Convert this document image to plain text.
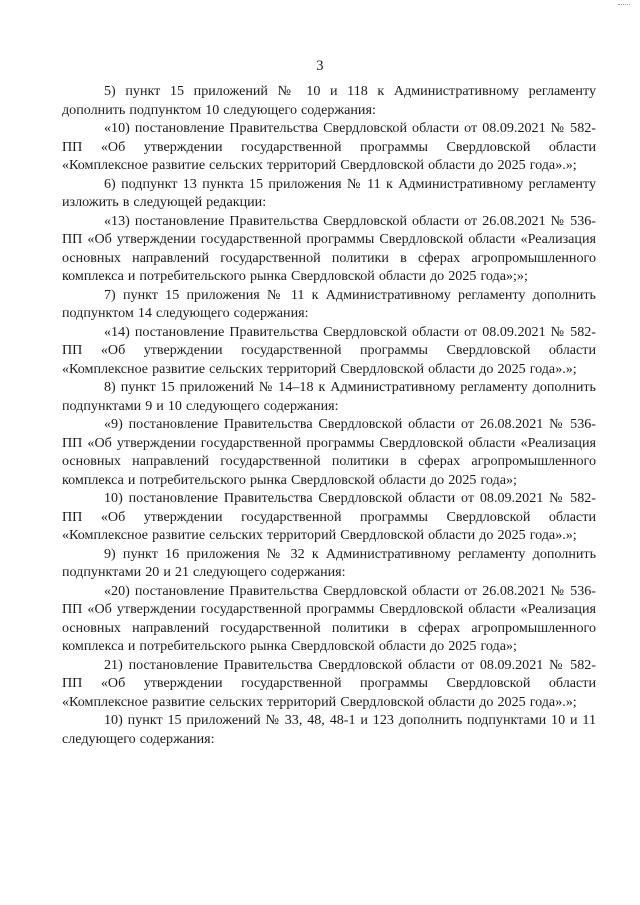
3

5) пункт 15 приложений № 10 и 118 к Административному регламенту дополнить подпунктом 10 следующего содержания:

«10) постановление Правительства Свердловской области от 08.09.2021 № 582-ПП «Об утверждении государственной программы Свердловской области «Комплексное развитие сельских территорий Свердловской области до 2025 года».»;

6) подпункт 13 пункта 15 приложения № 11 к Административному регламенту изложить в следующей редакции:

«13) постановление Правительства Свердловской области от 26.08.2021 № 536-ПП «Об утверждении государственной программы Свердловской области «Реализация основных направлений государственной политики в сферах агропромышленного комплекса и потребительского рынка Свердловской области до 2025 года»;»;

7) пункт 15 приложения № 11 к Административному регламенту дополнить подпунктом 14 следующего содержания:

«14) постановление Правительства Свердловской области от 08.09.2021 № 582-ПП «Об утверждении государственной программы Свердловской области «Комплексное развитие сельских территорий Свердловской области до 2025 года».»;

8) пункт 15 приложений № 14–18 к Административному регламенту дополнить подпунктами 9 и 10 следующего содержания:

«9) постановление Правительства Свердловской области от 26.08.2021 № 536-ПП «Об утверждении государственной программы Свердловской области «Реализация основных направлений государственной политики в сферах агропромышленного комплекса и потребительского рынка Свердловской области до 2025 года»;

10) постановление Правительства Свердловской области от 08.09.2021 № 582-ПП «Об утверждении государственной программы Свердловской области «Комплексное развитие сельских территорий Свердловской области до 2025 года».»;

9) пункт 16 приложения № 32 к Административному регламенту дополнить подпунктами 20 и 21 следующего содержания:

«20) постановление Правительства Свердловской области от 26.08.2021 № 536-ПП «Об утверждении государственной программы Свердловской области «Реализация основных направлений государственной политики в сферах агропромышленного комплекса и потребительского рынка Свердловской области до 2025 года»;

21) постановление Правительства Свердловской области от 08.09.2021 № 582-ПП «Об утверждении государственной программы Свердловской области «Комплексное развитие сельских территорий Свердловской области до 2025 года».»;

10) пункт 15 приложений № 33, 48, 48-1 и 123 дополнить подпунктами 10 и 11 следующего содержания:
